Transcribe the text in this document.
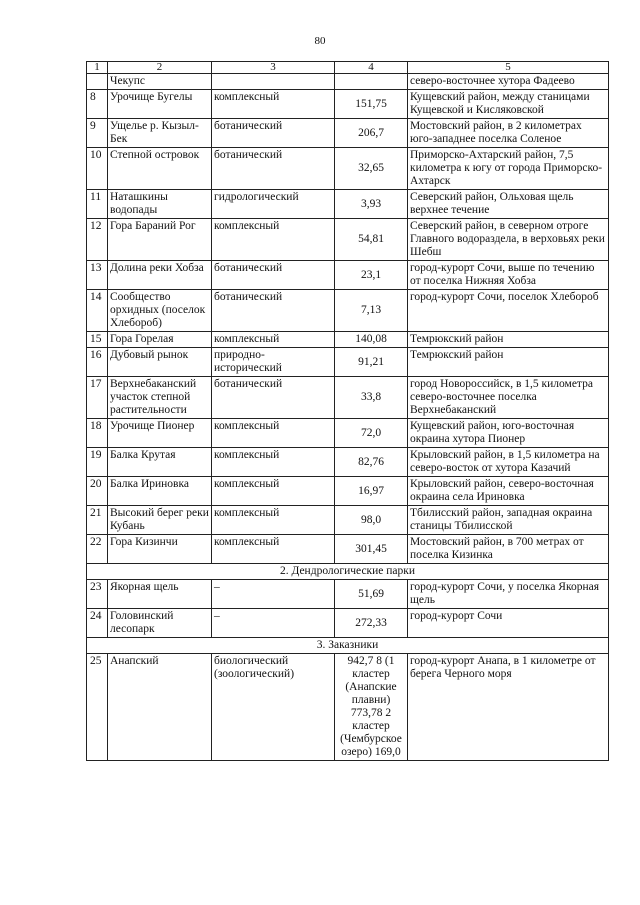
80
1	2	3	4	5
	Чекупс			северо-восточнее хутора Фадеево
8	Урочище Бугелы	комплексный	151,75	Кущевский район, между станицами Кущевской и Кисляковской
9	Ущелье р. Кызыл-Бек	ботанический	206,7	Мостовский район, в 2 километрах юго-западнее поселка Соленое
10	Степной островок	ботанический	32,65	Приморско-Ахтарский район, 7,5 километра к югу от города Приморско-Ахтарск
11	Наташкины водопады	гидрологический	3,93	Северский район, Ольховая щель верхнее течение
12	Гора Бараний Рог	комплексный	54,81	Северский район, в северном отроге Главного водораздела, в верховьях реки Шебш
13	Долина реки Хобза	ботанический	23,1	город-курорт Сочи, выше по течению от поселка Нижняя Хобза
14	Сообщество орхидных (поселок Хлебороб)	ботанический	7,13	город-курорт Сочи, поселок Хлебороб
15	Гора Горелая	комплексный	140,08	Темрюкский район
16	Дубовый рынок	природно-исторический	91,21	Темрюкский район
17	Верхнебаканский участок степной растительности	ботанический	33,8	город Новороссийск, в 1,5 километра северо-восточнее поселка Верхнебаканский
18	Урочище Пионер	комплексный	72,0	Кущевский район, юго-восточная окраина хутора Пионер
19	Балка Крутая	комплексный	82,76	Крыловский район, в 1,5 километра на северо-восток от хутора Казачий
20	Балка Ириновка	комплексный	16,97	Крыловский район, северо-восточная окраина села Ириновка
21	Высокий берег реки Кубань	комплексный	98,0	Тбилисский район, западная окраина станицы Тбилисской
22	Гора Кизинчи	комплексный	301,45	Мостовский район, в 700 метрах от поселка Кизинка
2. Дендрологические парки				
23	Якорная щель	–	51,69	город-курорт Сочи, у поселка Якорная щель
24	Головинский лесопарк	–	272,33	город-курорт Сочи
3. Заказники				
25	Анапский	биологический (зоологический)	942,7 8 (1 кластер (Анапские плавни) 773,78 2 кластер (Чембурское озеро) 169,0	город-курорт Анапа, в 1 километре от берега Черного моря
